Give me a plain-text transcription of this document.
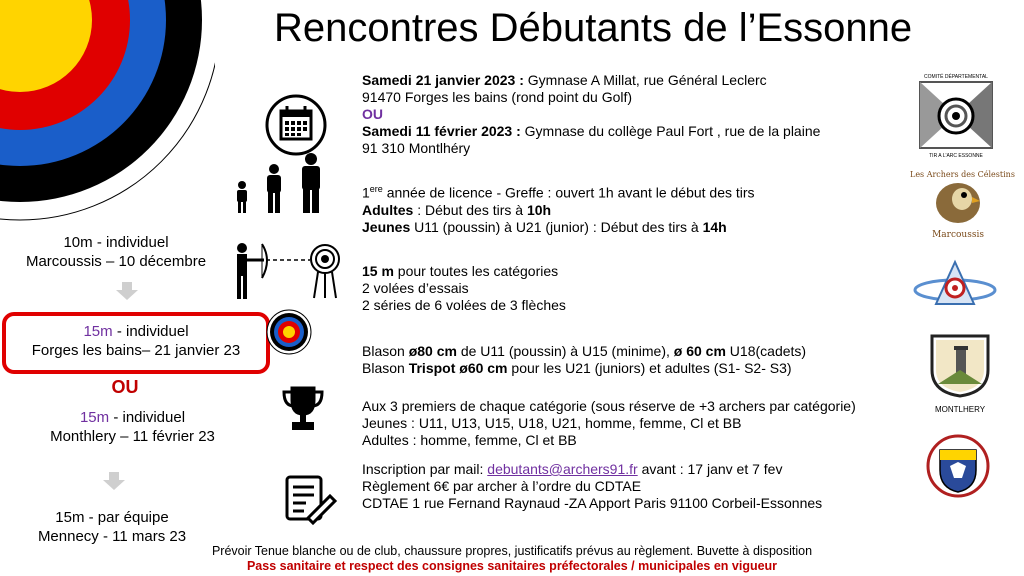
Rencontres Débutants de l’Essonne
10m - individuel
Marcoussis – 10 décembre
15m - individuel
Forges les bains– 21 janvier 23
OU
15m - individuel
Monthlery – 11 février 23
15m - par équipe
Mennecy - 11 mars 23
Samedi 21 janvier 2023 : Gymnase A Millat, rue Général Leclerc
91470 Forges les bains (rond point du Golf)
OU
Samedi 11 février 2023 : Gymnase du collège Paul Fort , rue de la plaine
91 310 Montlhéry
1ere année de licence - Greffe : ouvert 1h avant le début des tirs
Adultes : Début des tirs à 10h
Jeunes U11 (poussin) à U21 (junior) : Début des tirs à 14h
15 m pour toutes les catégories
2 volées d’essais
2 séries de 6 volées de 3 flèches
Blason ø80 cm de U11 (poussin) à U15 (minime), ø 60 cm U18(cadets)
Blason Trispot ø60 cm pour les U21 (juniors) et adultes (S1- S2- S3)
Aux 3 premiers de chaque catégorie (sous réserve de +3 archers par catégorie)
Jeunes : U11, U13, U15, U18, U21, homme, femme, Cl et BB
Adultes : homme, femme, Cl et BB
Inscription par mail: debutants@archers91.fr avant : 17 janv et 7 fev
Règlement 6€ par archer à l’ordre du CDTAE
CDTAE 1 rue Fernand Raynaud -ZA Apport Paris 91100 Corbeil-Essonnes
COMITÉ DÉPARTEMENTAL
TIR A L'ARC ESSONNE
Les Archers des Célestins
Marcoussis
MONTLHERY
Prévoir Tenue blanche ou de club, chaussure propres, justificatifs prévus au règlement. Buvette à disposition
Pass sanitaire et respect des consignes sanitaires préfectorales / municipales en vigueur
